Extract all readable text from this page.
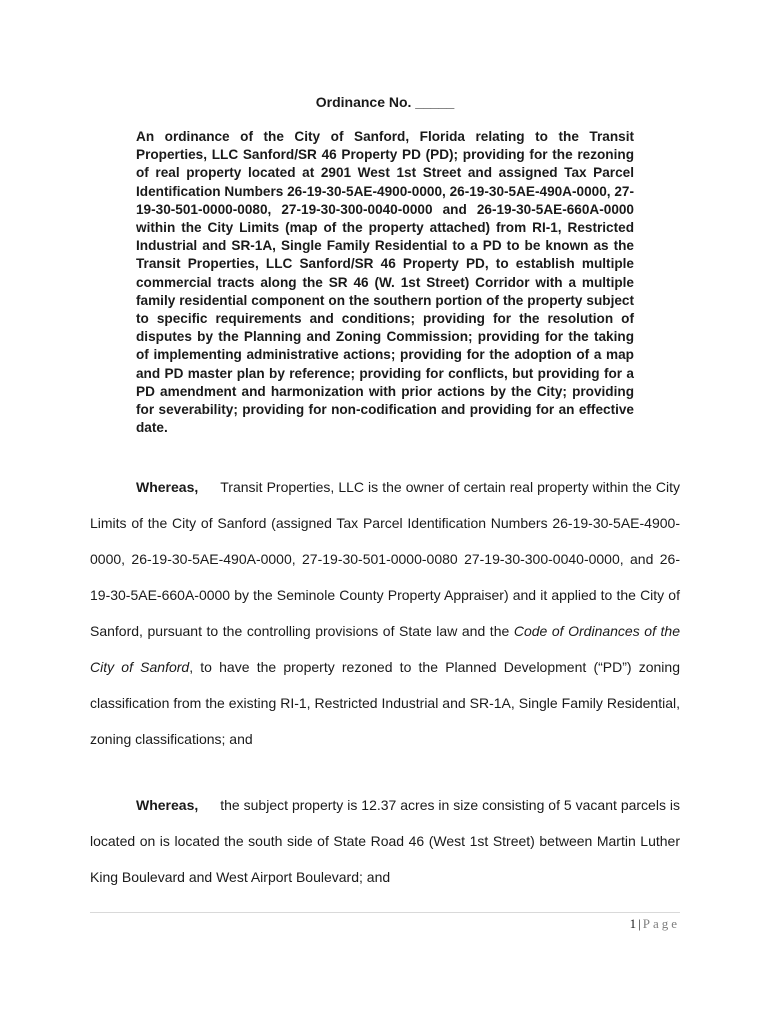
Ordinance No. _____
An ordinance of the City of Sanford, Florida relating to the Transit Properties, LLC Sanford/SR 46 Property PD (PD); providing for the rezoning of real property located at 2901 West 1st Street and assigned Tax Parcel Identification Numbers 26-19-30-5AE-4900-0000, 26-19-30-5AE-490A-0000, 27-19-30-501-0000-0080, 27-19-30-300-0040-0000 and 26-19-30-5AE-660A-0000 within the City Limits (map of the property attached) from RI-1, Restricted Industrial and SR-1A, Single Family Residential to a PD to be known as the Transit Properties, LLC Sanford/SR 46 Property PD, to establish multiple commercial tracts along the SR 46 (W. 1st Street) Corridor with a multiple family residential component on the southern portion of the property subject to specific requirements and conditions; providing for the resolution of disputes by the Planning and Zoning Commission; providing for the taking of implementing administrative actions; providing for the adoption of a map and PD master plan by reference; providing for conflicts, but providing for a PD amendment and harmonization with prior actions by the City; providing for severability; providing for non-codification and providing for an effective date.
Whereas, Transit Properties, LLC is the owner of certain real property within the City Limits of the City of Sanford (assigned Tax Parcel Identification Numbers 26-19-30-5AE-4900-0000, 26-19-30-5AE-490A-0000, 27-19-30-501-0000-0080 27-19-30-300-0040-0000, and 26-19-30-5AE-660A-0000 by the Seminole County Property Appraiser) and it applied to the City of Sanford, pursuant to the controlling provisions of State law and the Code of Ordinances of the City of Sanford, to have the property rezoned to the Planned Development (“PD”) zoning classification from the existing RI-1, Restricted Industrial and SR-1A, Single Family Residential, zoning classifications; and
Whereas, the subject property is 12.37 acres in size consisting of 5 vacant parcels is located on is located the south side of State Road 46 (West 1st Street) between Martin Luther King Boulevard and West Airport Boulevard; and
1 | Page
